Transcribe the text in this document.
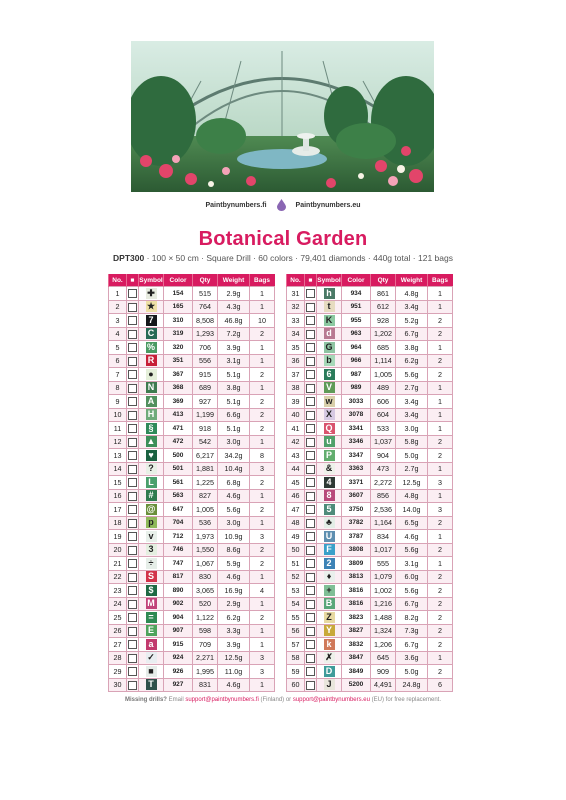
Paintbynumbers.fi	Paintbynumbers.eu
Botanical Garden
DPT300 · 100 × 50 cm · Square Drill · 60 colors · 79,401 diamonds · 440g total · 121 bags
No.	■	Symbol	Color	Qty	Weight	Bags
1		✚	154	515	2.9g	1
2		★	165	764	4.3g	1
3		7	310	8,508	46.8g	10
4		C	319	1,293	7.2g	2
5		%	320	706	3.9g	1
6		R	351	556	3.1g	1
7		●	367	915	5.1g	2
8		N	368	689	3.8g	1
9		A	369	927	5.1g	2
10		H	413	1,199	6.6g	2
11		§	471	918	5.1g	2
12		▲	472	542	3.0g	1
13		♥	500	6,217	34.2g	8
14		?	501	1,881	10.4g	3
15		L	561	1,225	6.8g	2
16		#	563	827	4.6g	1
17		@	647	1,005	5.6g	2
18		p	704	536	3.0g	1
19		v	712	1,973	10.9g	3
20		3	746	1,550	8.6g	2
21		÷	747	1,067	5.9g	2
22		S	817	830	4.6g	1
23		$	890	3,065	16.9g	4
24		M	902	520	2.9g	1
25		=	904	1,122	6.2g	2
26		E	907	598	3.3g	1
27		a	915	709	3.9g	1
28		✓	924	2,271	12.5g	3
29		■	926	1,995	11.0g	3
30		T	927	831	4.6g	1
No.	■	Symbol	Color	Qty	Weight	Bags
31		h	934	861	4.8g	1
32		t	951	612	3.4g	1
33		K	955	928	5.2g	2
34		d	963	1,202	6.7g	2
35		G	964	685	3.8g	1
36		b	966	1,114	6.2g	2
37		6	987	1,005	5.6g	2
38		V	989	489	2.7g	1
39		w	3033	606	3.4g	1
40		X	3078	604	3.4g	1
41		Q	3341	533	3.0g	1
42		u	3346	1,037	5.8g	2
43		P	3347	904	5.0g	2
44		&	3363	473	2.7g	1
45		4	3371	2,272	12.5g	3
46		8	3607	856	4.8g	1
47		5	3750	2,536	14.0g	3
48		♣	3782	1,164	6.5g	2
49		U	3787	834	4.6g	1
50		F	3808	1,017	5.6g	2
51		2	3809	555	3.1g	1
52		♦	3813	1,079	6.0g	2
53		+	3816	1,002	5.6g	2
54		B	3816	1,216	6.7g	2
55		Z	3823	1,488	8.2g	2
56		Y	3827	1,324	7.3g	2
57		k	3832	1,206	6.7g	2
58		✗	3847	645	3.6g	1
59		D	3849	909	5.0g	2
60		J	5200	4,491	24.8g	6
Missing drills? Email support@paintbynumbers.fi (Finland) or support@paintbynumbers.eu (EU) for free replacement.
